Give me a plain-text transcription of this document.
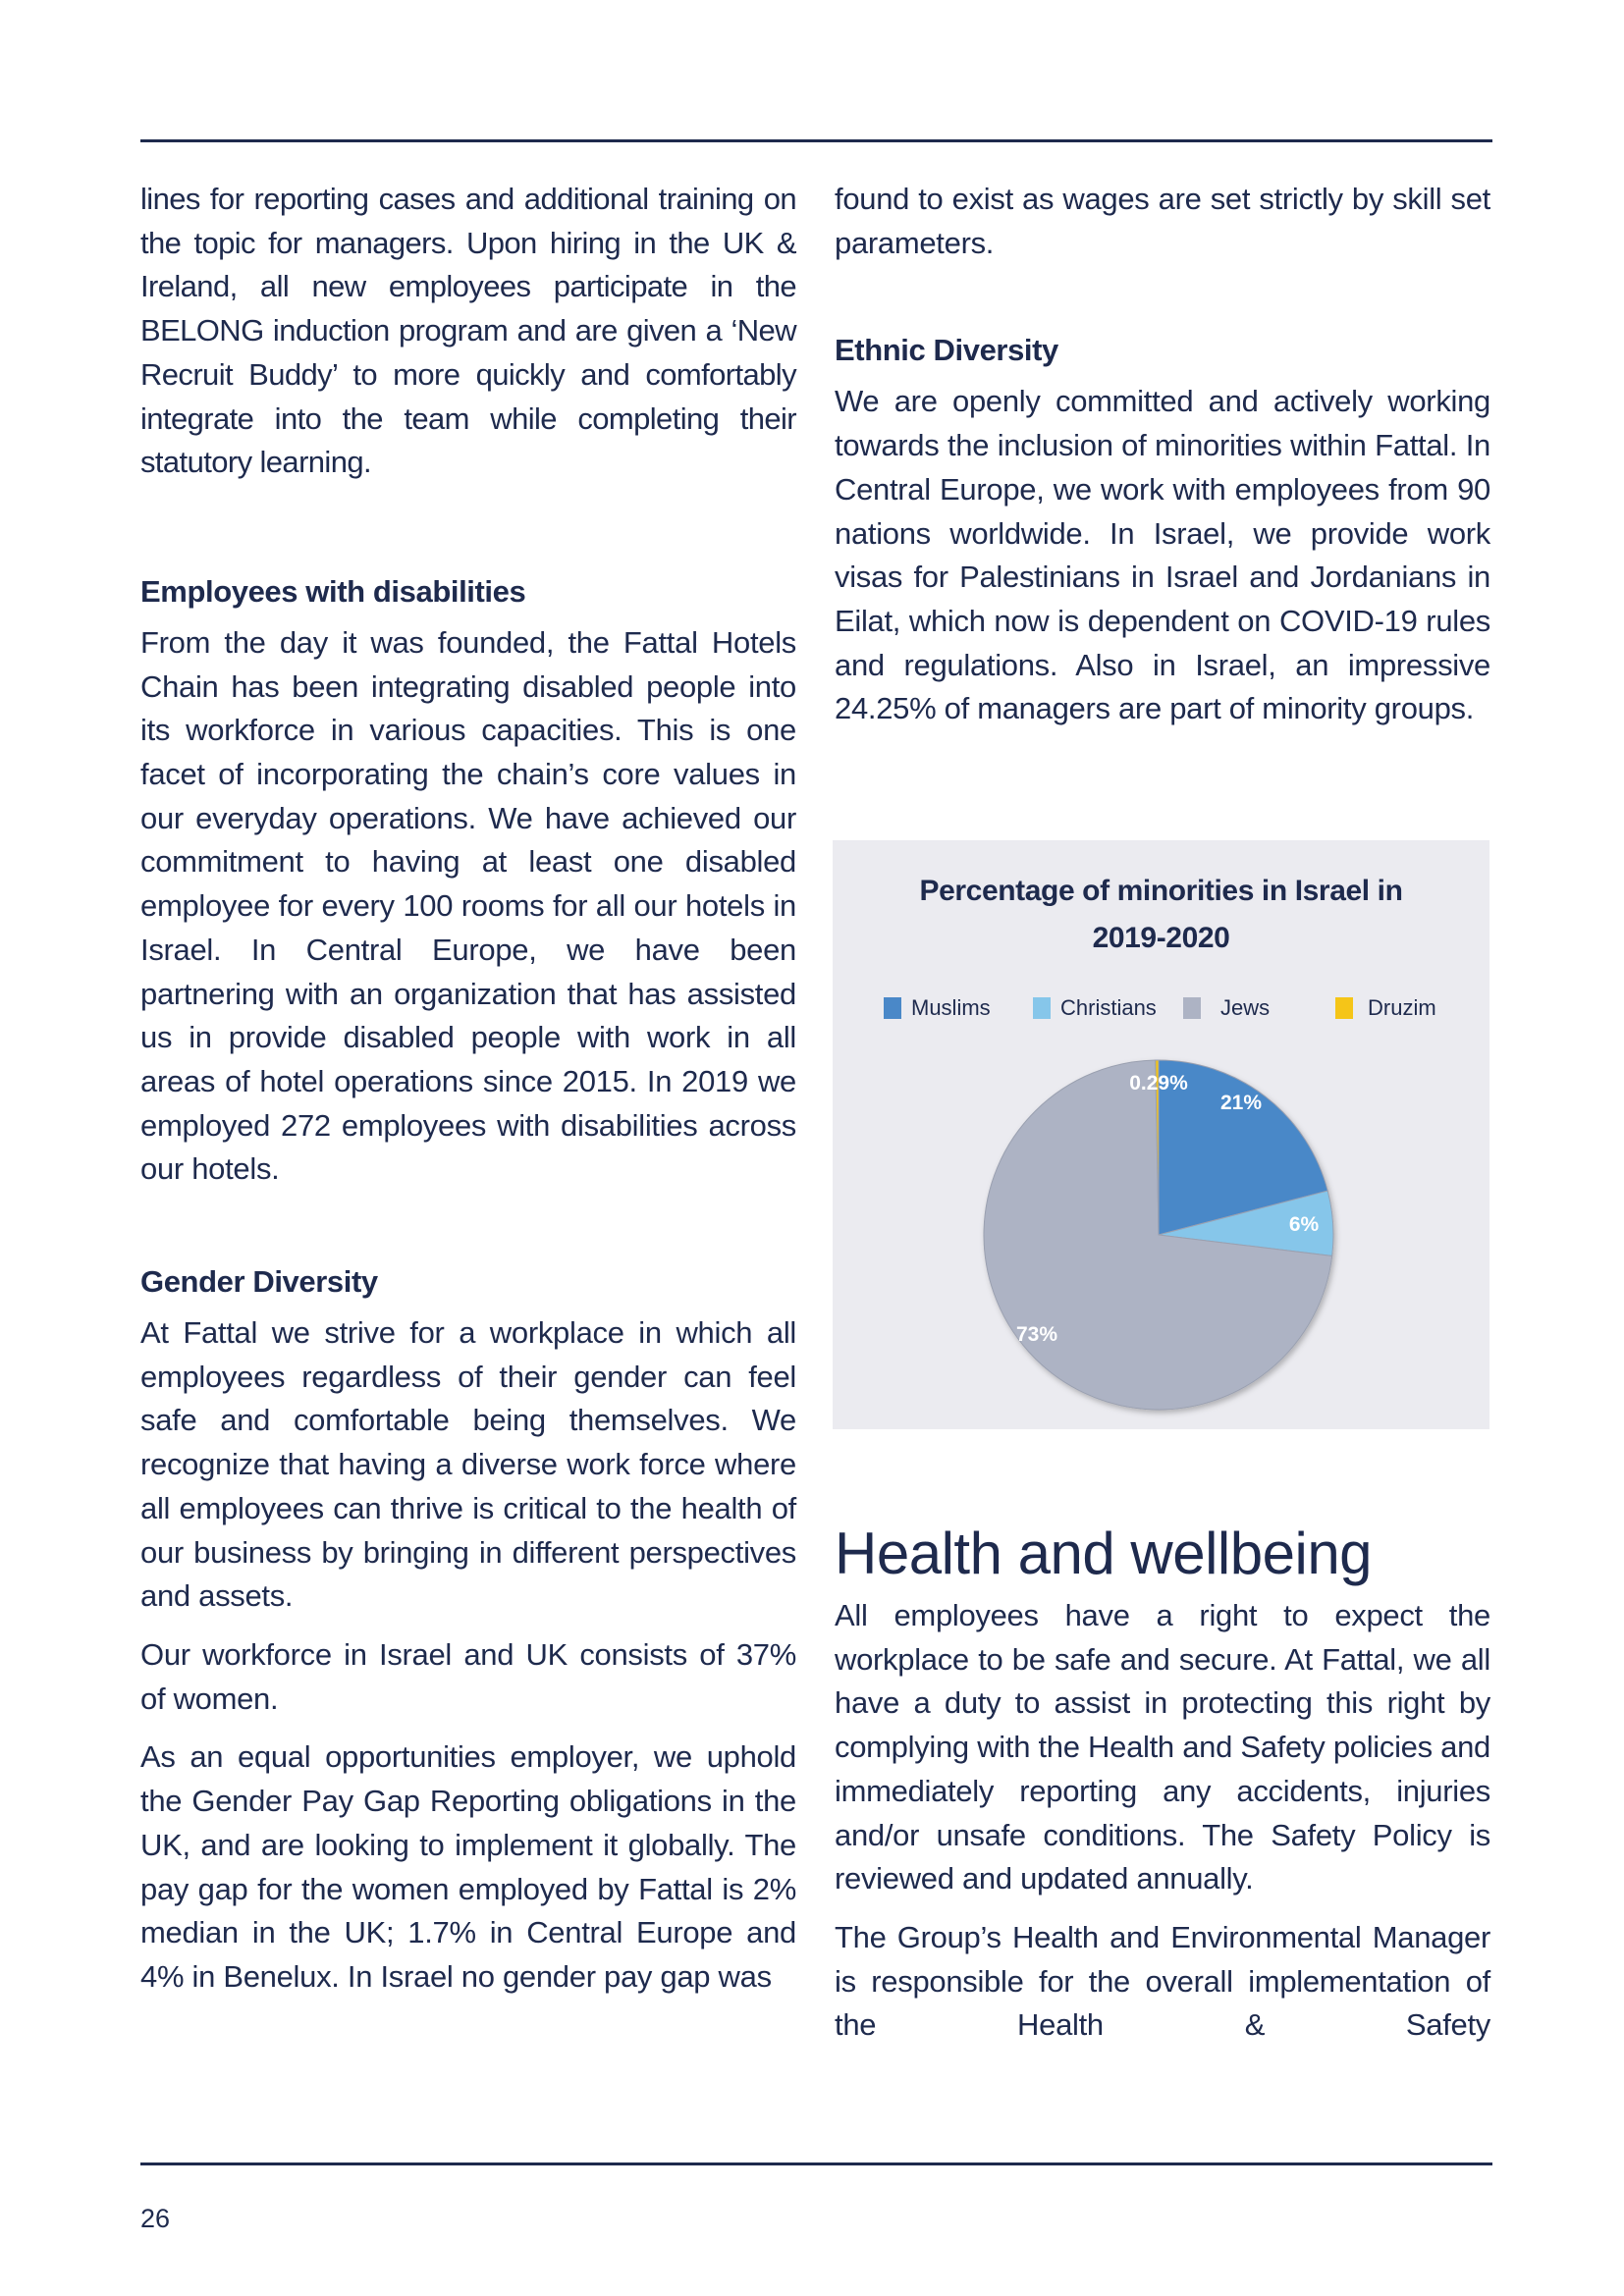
lines for reporting cases and additional training on the topic for managers. Upon hiring in the UK & Ireland, all new employees participate in the BELONG induction program and are given a ‘New Recruit Buddy’ to more quickly and comfortably integrate into the team while completing their statutory learning.

Employees with disabilities

From the day it was founded, the Fattal Hotels Chain has been integrating disabled people into its workforce in various capacities. This is one facet of incorporating the chain’s core values in our everyday operations. We have achieved our commitment to having at least one disabled employee for every 100 rooms for all our hotels in Israel. In Central Europe, we have been partnering with an organization that has assisted us in provide disabled people with work in all areas of hotel operations since 2015. In 2019 we employed 272 employees with disabilities across our hotels.

Gender Diversity

At Fattal we strive for a workplace in which all employees regardless of their gender can feel safe and comfortable being themselves. We recognize that having a diverse work force where all employees can thrive is critical to the health of our business by bringing in different perspectives and assets.

Our workforce in Israel and UK consists of 37% of women.

As an equal opportunities employer, we uphold the Gender Pay Gap Reporting obligations in the UK, and are looking to implement it globally. The pay gap for the women employed by Fattal is 2% median in the UK; 1.7% in Central Europe and 4% in Benelux. In Israel no gender pay gap was

found to exist as wages are set strictly by skill set parameters.

Ethnic Diversity

We are openly committed and actively working towards the inclusion of minorities within Fattal. In Central Europe, we work with employees from 90 nations worldwide. In Israel, we provide work visas for Palestinians in Israel and Jordanians in Eilat, which now is dependent on COVID-19 rules and regulations. Also in Israel, an impressive 24.25% of managers are part of minority groups.

Percentage of minorities in Israel in
2019-2020
Muslims	Christians	Jews	Druzim
21%
6%
73%
0.29%
Health and wellbeing

All employees have a right to expect the workplace to be safe and secure. At Fattal, we all have a duty to assist in protecting this right by complying with the Health and Safety policies and immediately reporting any accidents, injuries and/or unsafe conditions. The Safety Policy is reviewed and updated annually.

The Group’s Health and Environmental Manager is responsible for the overall implementation of the Health & Safety

26
